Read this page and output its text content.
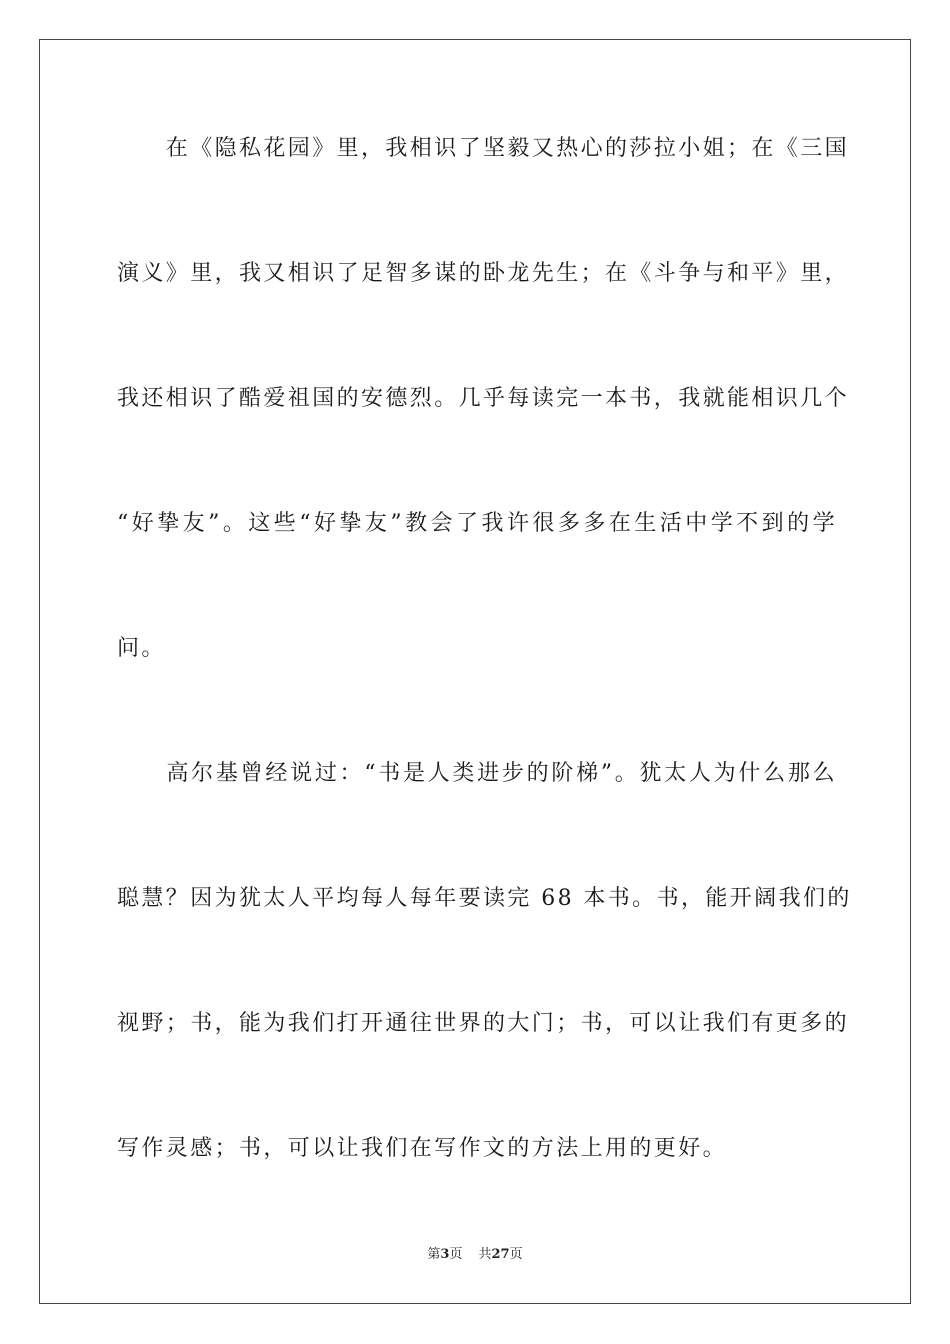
　　在《隐私花园》里，我相识了坚毅又热心的莎拉小姐；在《三国
演义》里，我又相识了足智多谋的卧龙先生；在《斗争与和平》里，
我还相识了酷爱祖国的安德烈。几乎每读完一本书，我就能相识几个
“好挚友”。这些“好挚友”教会了我许很多多在生活中学不到的学
问。
　　高尔基曾经说过：“书是人类进步的阶梯”。犹太人为什么那么
聪慧？因为犹太人平均每人每年要读完 68 本书。书，能开阔我们的
视野；书，能为我们打开通往世界的大门；书，可以让我们有更多的
写作灵感；书，可以让我们在写作文的方法上用的更好。
第3页 共27页
